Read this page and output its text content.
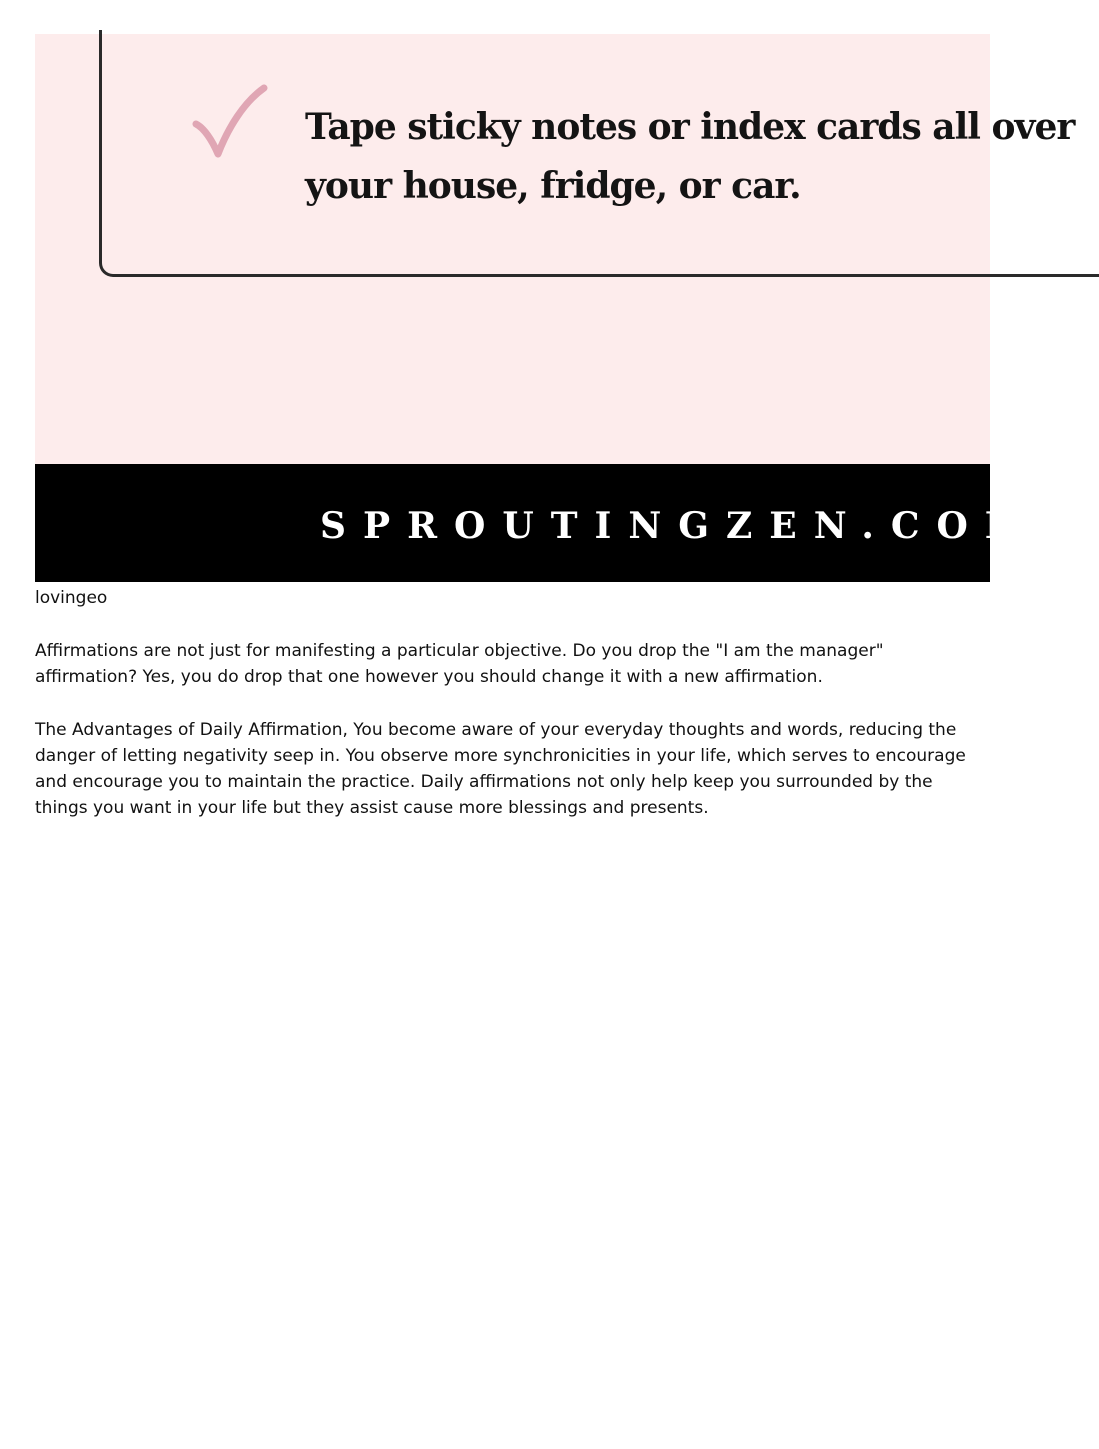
Tape sticky notes or index cards all over
your house, fridge, or car.
SPROUTINGZEN.COM
lovingeo

Affirmations are not just for manifesting a particular objective. Do you drop the "I am the manager" affirmation? Yes, you do drop that one however you should change it with a new affirmation.

The Advantages of Daily Affirmation, You become aware of your everyday thoughts and words, reducing the danger of letting negativity seep in. You observe more synchronicities in your life, which serves to encourage and encourage you to maintain the practice. Daily affirmations not only help keep you surrounded by the things you want in your life but they assist cause more blessings and presents.
